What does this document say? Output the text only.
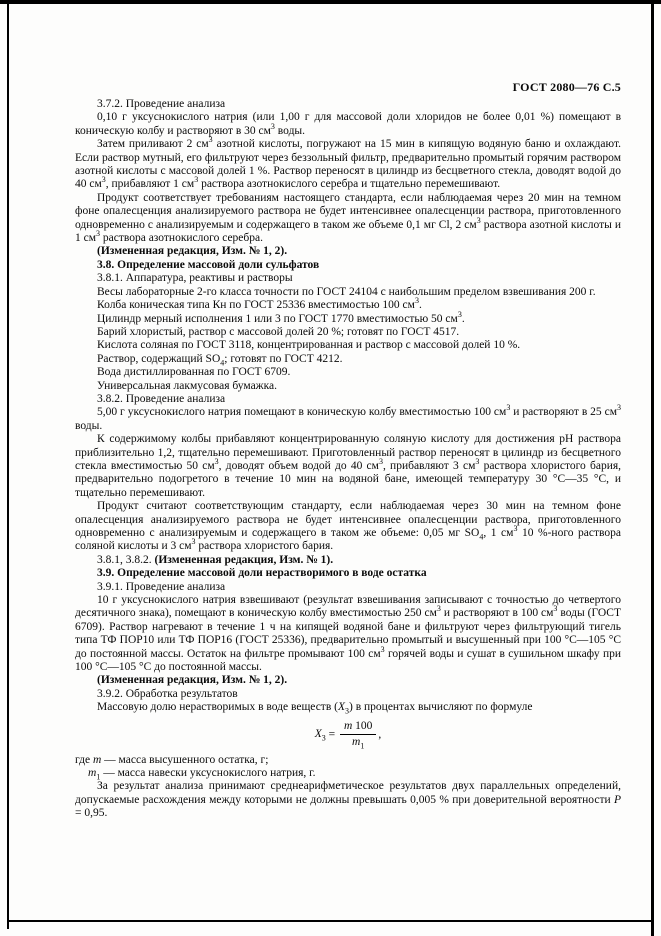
ГОСТ 2080—76 С.5

3.7.2. Проведение анализа

0,10 г уксуснокислого натрия (или 1,00 г для массовой доли хлоридов не более 0,01 %) помещают в коническую колбу и растворяют в 30 $см^3$ воды.

Затем приливают 2 $см^3$ азотной кислоты, погружают на 15 мин в кипящую водяную баню и охлаждают. Если раствор мутный, его фильтруют через беззольный фильтр, предварительно промытый горячим раствором азотной кислоты с массовой долей 1 %. Раствор переносят в цилиндр из бесцветного стекла, доводят водой до 40 $см^3$, прибавляют 1 $см^3$ раствора азотнокислого серебра и тщательно перемешивают.

Продукт соответствует требованиям настоящего стандарта, если наблюдаемая через 20 мин на темном фоне опалесценция анализируемого раствора не будет интенсивнее опалесценции раствора, приготовленного одновременно с анализируемым и содержащего в таком же объеме 0,1 мг Cl, 2 $см^3$ раствора азотной кислоты и 1 $см^3$ раствора азотнокислого серебра.

(Измененная редакция, Изм. № 1, 2).

3.8. Определение массовой доли сульфатов

3.8.1. Аппаратура, реактивы и растворы

Весы лабораторные 2-го класса точности по ГОСТ 24104 с наибольшим пределом взвешивания 200 г.

Колба коническая типа Кн по ГОСТ 25336 вместимостью 100 $см^3$.

Цилиндр мерный исполнения 1 или 3 по ГОСТ 1770 вместимостью 50 $см^3$.

Барий хлористый, раствор с массовой долей 20 %; готовят по ГОСТ 4517.

Кислота соляная по ГОСТ 3118, концентрированная и раствор с массовой долей 10 %.

Раствор, содержащий $SO_4$; готовят по ГОСТ 4212.

Вода дистиллированная по ГОСТ 6709.

Универсальная лакмусовая бумажка.

3.8.2. Проведение анализа

5,00 г уксуснокислого натрия помещают в коническую колбу вместимостью 100 $см^3$ и растворяют в 25 $см^3$ воды.

К содержимому колбы прибавляют концентрированную соляную кислоту для достижения pH раствора приблизительно 1,2, тщательно перемешивают. Приготовленный раствор переносят в цилиндр из бесцветного стекла вместимостью 50 $см^3$, доводят объем водой до 40 $см^3$, прибавляют 3 $см^3$ раствора хлористого бария, предварительно подогретого в течение 10 мин на водяной бане, имеющей температуру 30 °С—35 °С, и тщательно перемешивают.

Продукт считают соответствующим стандарту, если наблюдаемая через 30 мин на темном фоне опалесценция анализируемого раствора не будет интенсивнее опалесценции раствора, приготовленного одновременно с анализируемым и содержащего в таком же объеме: 0,05 мг $SO_4$, 1 $см^3$ 10 %-ного раствора соляной кислоты и 3 $см^3$ раствора хлористого бария.

3.8.1, 3.8.2. (Измененная редакция, Изм. № 1).

3.9. Определение массовой доли нерастворимого в воде остатка

3.9.1. Проведение анализа

10 г уксуснокислого натрия взвешивают (результат взвешивания записывают с точностью до четвертого десятичного знака), помещают в коническую колбу вместимостью 250 $см^3$ и растворяют в 100 $см^3$ воды (ГОСТ 6709). Раствор нагревают в течение 1 ч на кипящей водяной бане и фильтруют через фильтрующий тигель типа ТФ ПОР10 или ТФ ПОР16 (ГОСТ 25336), предварительно промытый и высушенный при 100 °С—105 °С до постоянной массы. Остаток на фильтре промывают 100 $см^3$ горячей воды и сушат в сушильном шкафу при 100 °С—105 °С до постоянной массы.

(Измененная редакция, Изм. № 1, 2).

3.9.2. Обработка результатов

Массовую долю нерастворимых в воде веществ $(X_3)$ в процентах вычисляют по формуле

$X_3 = \frac{m 100}{m_1}$ ,

где m — масса высушенного остатка, г;

$m_1$ — масса навески уксуснокислого натрия, г.

За результат анализа принимают среднеарифметическое результатов двух параллельных определений, допускаемые расхождения между которыми не должны превышать 0,005 % при доверительной вероятности Р = 0,95.
